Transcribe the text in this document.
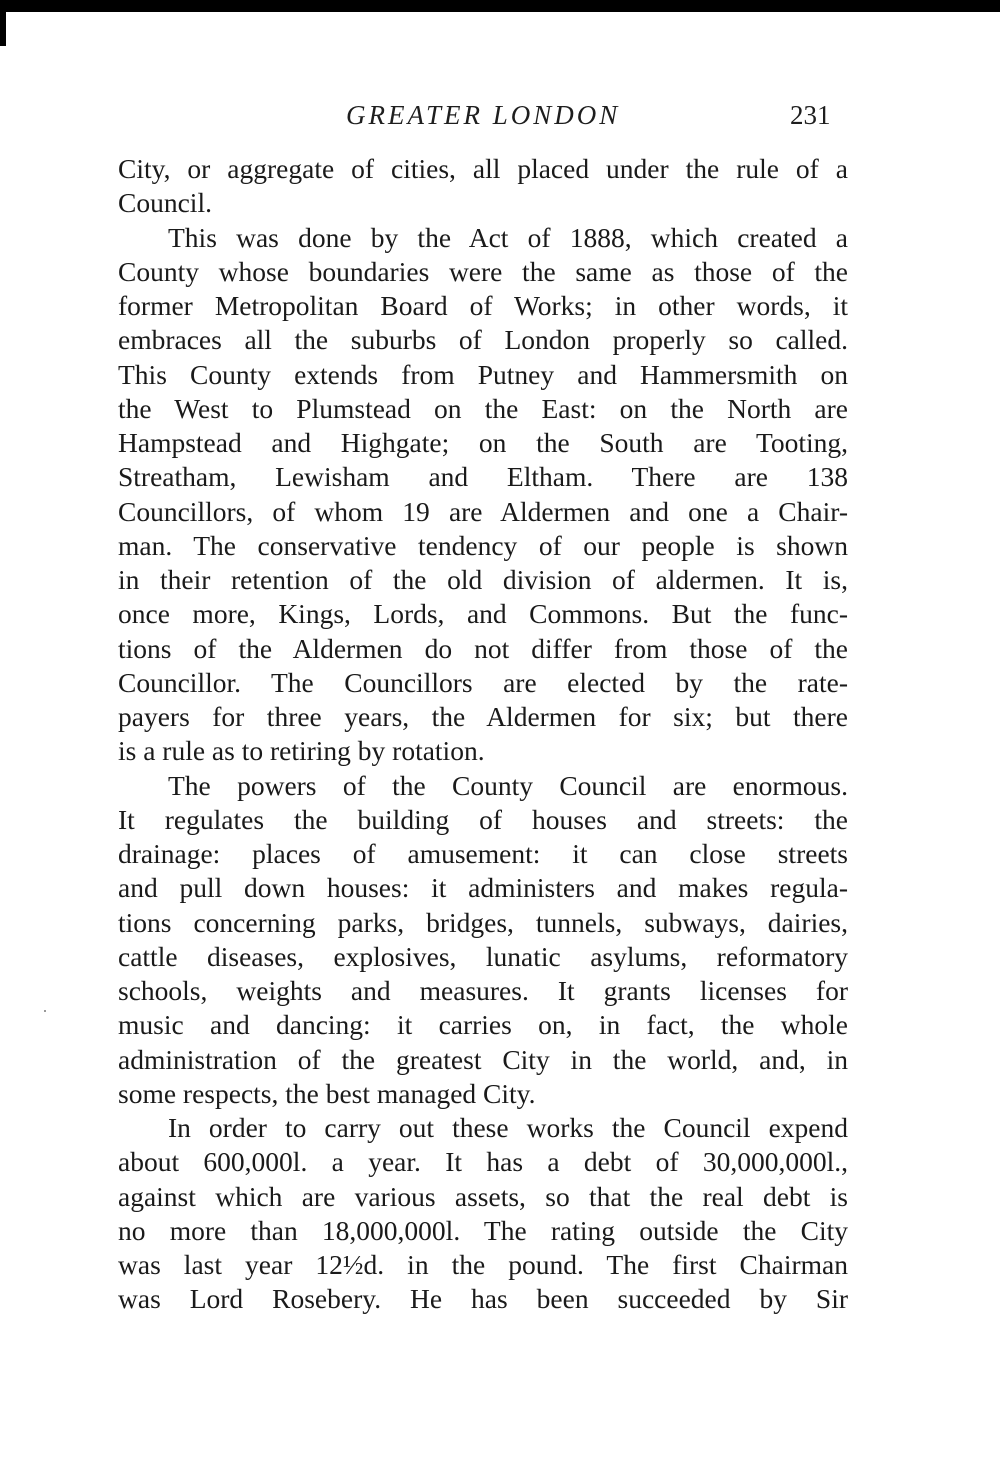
GREATER LONDON	231
City, or aggregate of cities, all placed under the rule of a
Council.
This was done by the Act of 1888, which created a
County whose boundaries were the same as those of the
former Metropolitan Board of Works; in other words, it
embraces all the suburbs of London properly so called.
This County extends from Putney and Hammersmith on
the West to Plumstead on the East: on the North are
Hampstead and Highgate; on the South are Tooting,
Streatham, Lewisham and Eltham. There are 138
Councillors, of whom 19 are Aldermen and one a Chair-
man. The conservative tendency of our people is shown
in their retention of the old division of aldermen. It is,
once more, Kings, Lords, and Commons. But the func-
tions of the Aldermen do not differ from those of the
Councillor. The Councillors are elected by the rate-
payers for three years, the Aldermen for six; but there
is a rule as to retiring by rotation.
The powers of the County Council are enormous.
It regulates the building of houses and streets: the
drainage: places of amusement: it can close streets
and pull down houses: it administers and makes regula-
tions concerning parks, bridges, tunnels, subways, dairies,
cattle diseases, explosives, lunatic asylums, reformatory
schools, weights and measures. It grants licenses for
music and dancing: it carries on, in fact, the whole
administration of the greatest City in the world, and, in
some respects, the best managed City.
In order to carry out these works the Council expend
about 600,000l. a year. It has a debt of 30,000,000l.,
against which are various assets, so that the real debt is
no more than 18,000,000l. The rating outside the City
was last year 12½d. in the pound. The first Chairman
was Lord Rosebery. He has been succeeded by Sir
